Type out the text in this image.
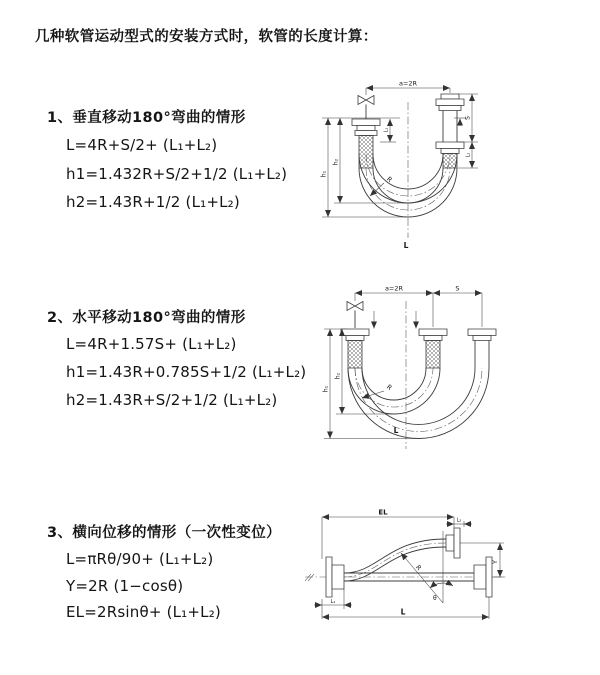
几种软管运动型式的安装方式时，软管的长度计算：
1、垂直移动180°弯曲的情形
L=4R+S/2+ (L₁+L₂)
h1=1.432R+S/2+1/2 (L₁+L₂)
h2=1.43R+1/2 (L₁+L₂)
2、水平移动180°弯曲的情形
L=4R+1.57S+ (L₁+L₂)
h1=1.43R+0.785S+1/2 (L₁+L₂)
h2=1.43R+S/2+1/2 (L₁+L₂)
3、横向位移的情形（一次性变位）
L=πRθ/90+ (L₁+L₂)
Y=2R (1−cosθ)
EL=2Rsinθ+ (L₁+L₂)
a=2R
S
L₂
L₁
h₁
h₂
R
L
a=2R	S
h₁
h₂
R
L
θ
R
EL
L₂
Y
L
L₁
